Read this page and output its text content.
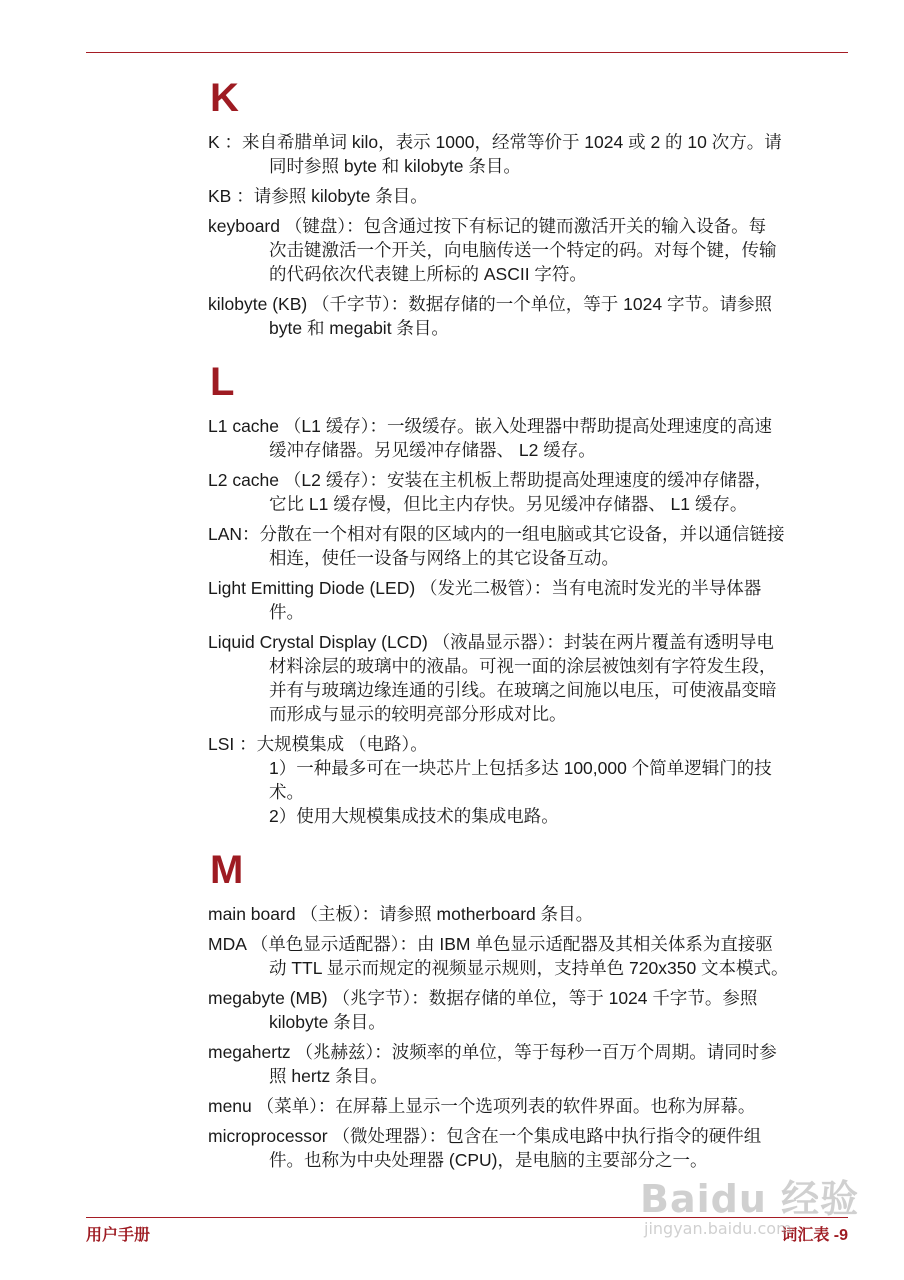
K
K ：来自希腊单词 kilo，表示 1000，经常等价于 1024 或 2 的 10 次方。请
同时参照 byte 和 kilobyte 条目。
KB ：请参照 kilobyte 条目。
keyboard （键盘）：包含通过按下有标记的键而激活开关的输入设备。每
次击键激活一个开关，向电脑传送一个特定的码。对每个键，传输
的代码依次代表键上所标的 ASCII 字符。
kilobyte (KB) （千字节）：数据存储的一个单位，等于 1024 字节。请参照
byte 和 megabit 条目。
L
L1 cache （L1 缓存）：一级缓存。嵌入处理器中帮助提高处理速度的高速
缓冲存储器。另见缓冲存储器、 L2 缓存。
L2 cache （L2 缓存）：安装在主机板上帮助提高处理速度的缓冲存储器，
它比 L1 缓存慢，但比主内存快。另见缓冲存储器、 L1 缓存。
LAN：分散在一个相对有限的区域内的一组电脑或其它设备，并以通信链接
相连，使任一设备与网络上的其它设备互动。
Light Emitting Diode (LED) （发光二极管）：当有电流时发光的半导体器
件。
Liquid Crystal Display (LCD) （液晶显示器）：封装在两片覆盖有透明导电
材料涂层的玻璃中的液晶。可视一面的涂层被蚀刻有字符发生段，
并有与玻璃边缘连通的引线。在玻璃之间施以电压，可使液晶变暗
而形成与显示的较明亮部分形成对比。
LSI ：大规模集成 （电路）。
1）一种最多可在一块芯片上包括多达 100,000 个简单逻辑门的技
术。
2）使用大规模集成技术的集成电路。
M
main board （主板）：请参照 motherboard 条目。
MDA （单色显示适配器）：由 IBM 单色显示适配器及其相关体系为直接驱
动 TTL 显示而规定的视频显示规则，支持单色 720x350 文本模式。
megabyte (MB) （兆字节）：数据存储的单位，等于 1024 千字节。参照
kilobyte 条目。
megahertz （兆赫兹）：波频率的单位，等于每秒一百万个周期。请同时参
照 hertz 条目。
menu （菜单）：在屏幕上显示一个选项列表的软件界面。也称为屏幕。
microprocessor （微处理器）：包含在一个集成电路中执行指令的硬件组
件。也称为中央处理器 (CPU)，是电脑的主要部分之一。
用户手册	词汇表 -9
Baidu 经验
jingyan.baidu.com
